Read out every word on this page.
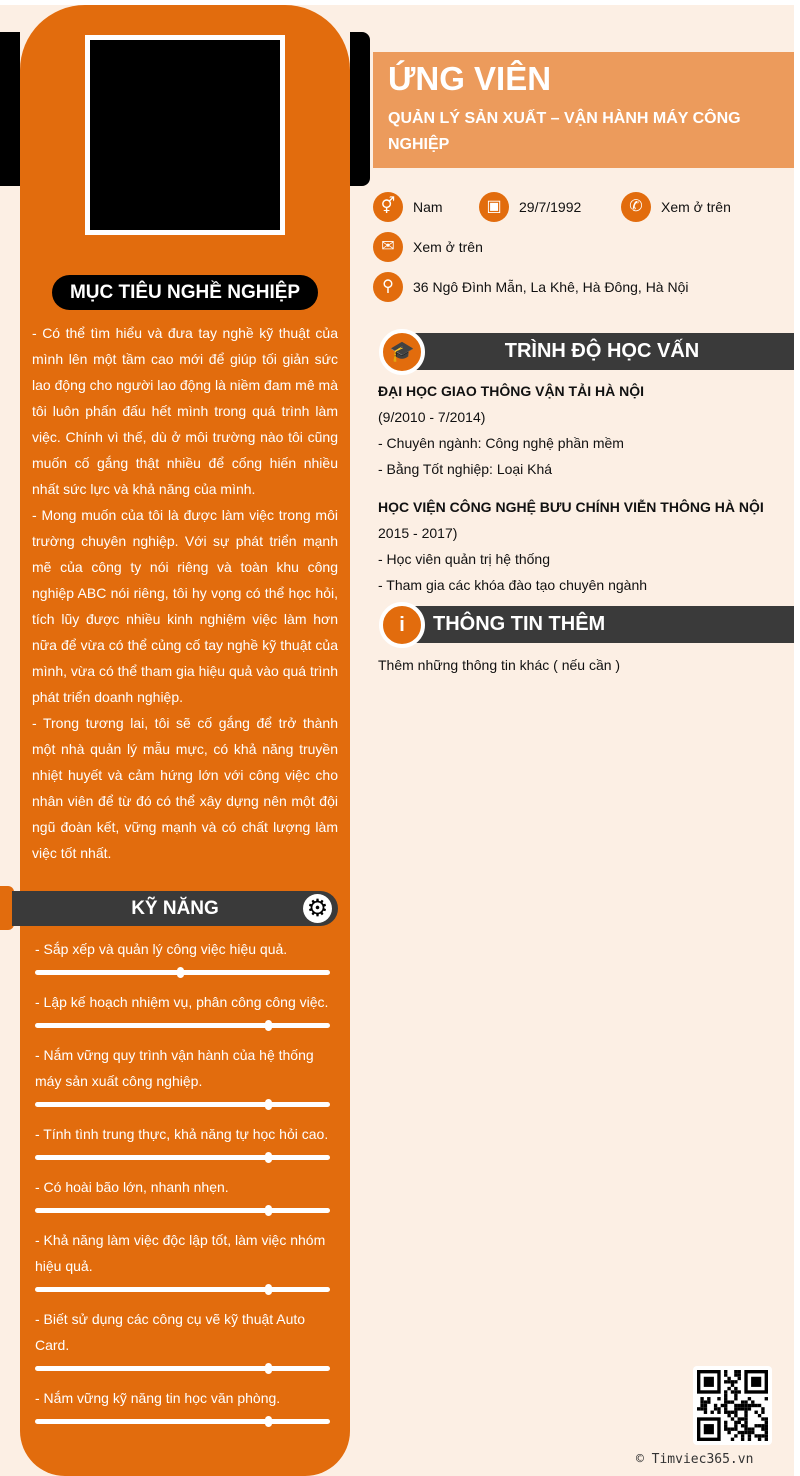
MỤC TIÊU NGHỀ NGHIỆP

- Có thể tìm hiểu và đưa tay nghề kỹ thuật của mình lên một tầm cao mới để giúp tối giản sức lao động cho người lao động là niềm đam mê mà tôi luôn phấn đấu hết mình trong quá trình làm việc. Chính vì thế, dù ở môi trường nào tôi cũng muốn cố gắng thật nhiều để cống hiến nhiều nhất sức lực và khả năng của mình.

- Mong muốn của tôi là được làm việc trong môi trường chuyên nghiệp. Với sự phát triển mạnh mẽ của công ty nói riêng và toàn khu công nghiệp ABC nói riêng, tôi hy vọng có thể học hỏi, tích lũy được nhiều kinh nghiệm việc làm hơn nữa để vừa có thể củng cố tay nghề kỹ thuật của mình, vừa có thể tham gia hiệu quả vào quá trình phát triển doanh nghiệp.

- Trong tương lai, tôi sẽ cố gắng để trở thành một nhà quản lý mẫu mực, có khả năng truyền nhiệt huyết và cảm hứng lớn với công việc cho nhân viên để từ đó có thể xây dựng nên một đội ngũ đoàn kết, vững mạnh và có chất lượng làm việc tốt nhất.

KỸ NĂNG	⚙
- Sắp xếp và quản lý công việc hiệu quả.
- Lập kế hoạch nhiệm vụ, phân công công việc.
- Nắm vững quy trình vận hành của hệ thống máy sản xuất công nghiệp.
- Tính tình trung thực, khả năng tự học hỏi cao.
- Có hoài bão lớn, nhanh nhẹn.
- Khả năng làm việc độc lập tốt, làm việc nhóm hiệu quả.
- Biết sử dụng các công cụ vẽ kỹ thuật Auto Card.
- Nắm vững kỹ năng tin học văn phòng.
ỨNG VIÊN
QUẢN LÝ SẢN XUẤT – VẬN HÀNH MÁY CÔNG NGHIỆP
⚥	Nam	▣	29/7/1992	✆	Xem ở trên
✉	Xem ở trên
⚲	36 Ngô Đình Mẫn, La Khê, Hà Đông, Hà Nội
TRÌNH ĐỘ HỌC VẤN
🎓
ĐẠI HỌC GIAO THÔNG VẬN TẢI HÀ NỘI
(9/2010 - 7/2014)
- Chuyên ngành: Công nghệ phần mềm
- Bằng Tốt nghiệp: Loại Khá
HỌC VIỆN CÔNG NGHỆ BƯU CHÍNH VIỄN THÔNG HÀ NỘI
2015 - 2017)
- Học viên quản trị hệ thống
- Tham gia các khóa đào tạo chuyên ngành
THÔNG TIN THÊM
i
Thêm những thông tin khác ( nếu cần )
© Timviec365.vn
